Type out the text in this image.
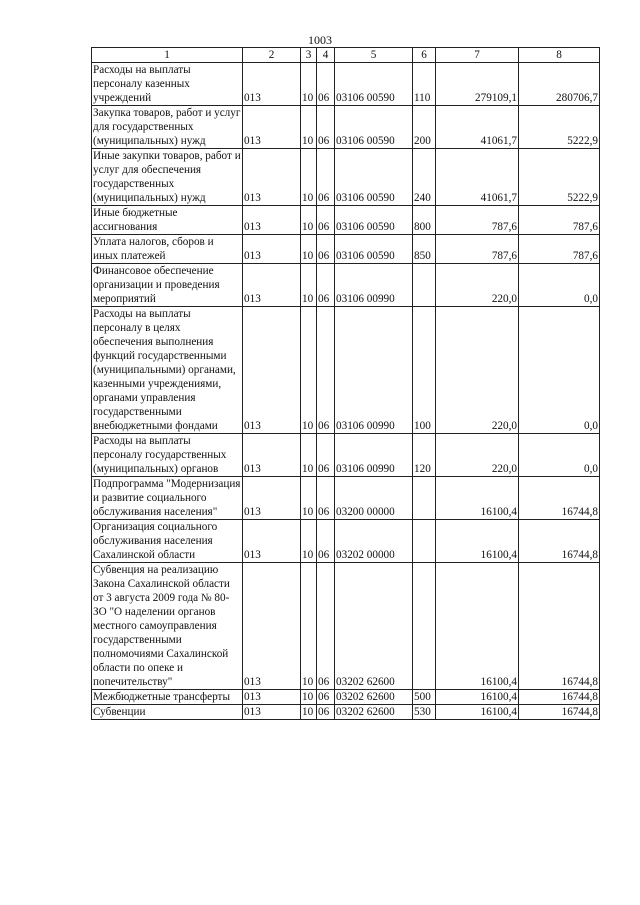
1003
1	2	3	4	5	6	7	8
Расходы на выплаты персоналу казенных учреждений	013	10	06	03106 00590	110	279109,1	280706,7
Закупка товаров, работ и услуг для государственных (муниципальных) нужд	013	10	06	03106 00590	200	41061,7	5222,9
Иные закупки товаров, работ и услуг для обеспечения государственных (муниципальных) нужд	013	10	06	03106 00590	240	41061,7	5222,9
Иные бюджетные ассигнования	013	10	06	03106 00590	800	787,6	787,6
Уплата налогов, сборов и иных платежей	013	10	06	03106 00590	850	787,6	787,6
Финансовое обеспечение организации и проведения мероприятий	013	10	06	03106 00990		220,0	0,0
Расходы на выплаты персоналу в целях обеспечения выполнения функций государственными (муниципальными) органами, казенными учреждениями, органами управления государственными внебюджетными фондами	013	10	06	03106 00990	100	220,0	0,0
Расходы на выплаты персоналу государственных (муниципальных) органов	013	10	06	03106 00990	120	220,0	0,0
Подпрограмма "Модернизация и развитие социального обслуживания населения"	013	10	06	03200 00000		16100,4	16744,8
Организация социального обслуживания населения Сахалинской области	013	10	06	03202 00000		16100,4	16744,8
Субвенция на реализацию Закона Сахалинской области от 3 августа 2009 года № 80-ЗО "О наделении органов местного самоуправления государственными полномочиями Сахалинской области по опеке и попечительству"	013	10	06	03202 62600		16100,4	16744,8
Межбюджетные трансферты	013	10	06	03202 62600	500	16100,4	16744,8
Субвенции	013	10	06	03202 62600	530	16100,4	16744,8
